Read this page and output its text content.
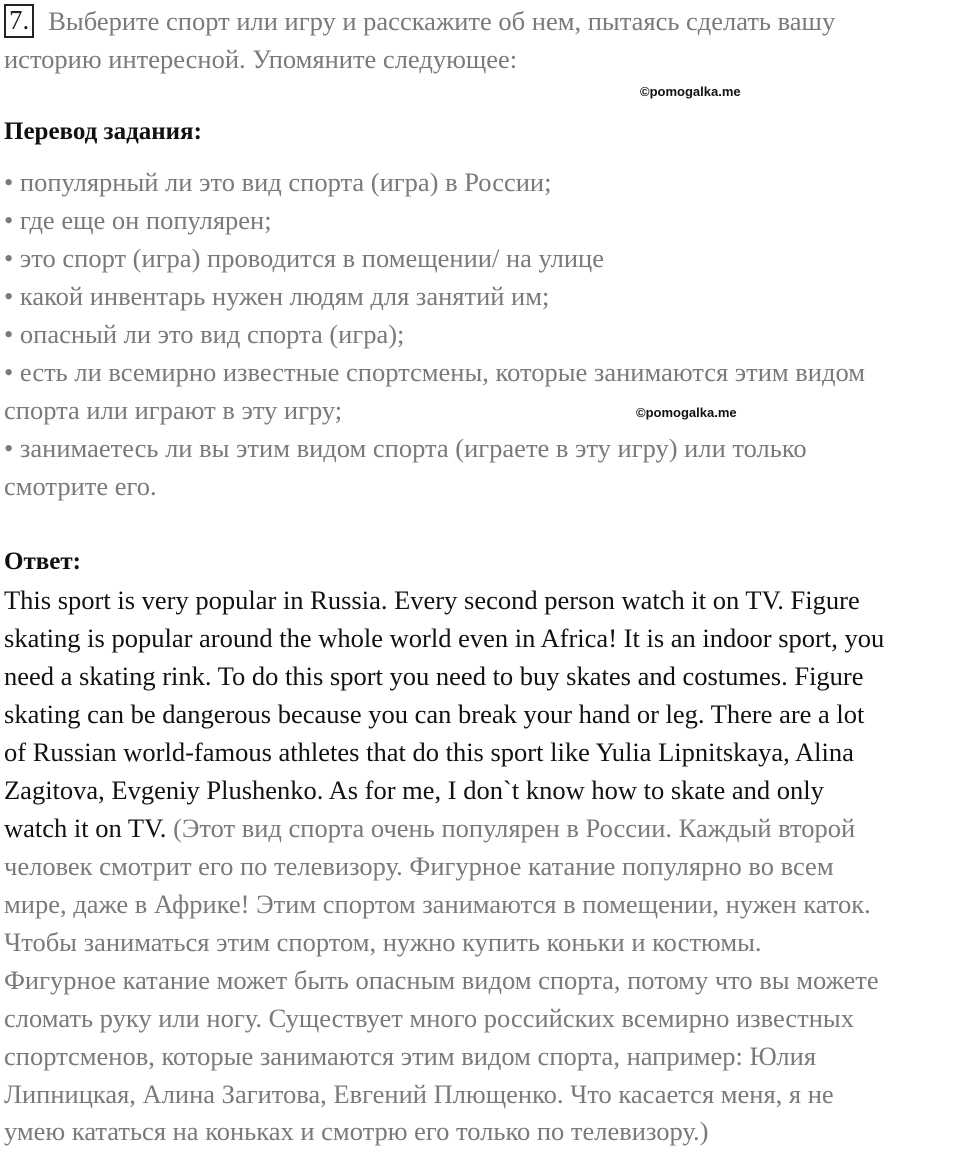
7. Выберите спорт или игру и расскажите об нем, пытаясь сделать вашу
историю интересной. Упомяните следующее:
©pomogalka.me
Перевод задания:
• популярный ли это вид спорта (игра) в России;
• где еще он популярен;
• это спорт (игра) проводится в помещении/ на улице
• какой инвентарь нужен людям для занятий им;
• опасный ли это вид спорта (игра);
• есть ли всемирно известные спортсмены, которые занимаются этим видом
спорта или играют в эту игру;
• занимаетесь ли вы этим видом спорта (играете в эту игру) или только
смотрите его.
©pomogalka.me
Ответ:
This sport is very popular in Russia. Every second person watch it on TV. Figure
skating is popular around the whole world even in Africa! It is an indoor sport, you
need a skating rink. To do this sport you need to buy skates and costumes. Figure
skating can be dangerous because you can break your hand or leg. There are a lot
of Russian world-famous athletes that do this sport like Yulia Lipnitskaya, Alina
Zagitova, Evgeniy Plushenko. As for me, I don`t know how to skate and only
watch it on TV. (Этот вид спорта очень популярен в России. Каждый второй
человек смотрит его по телевизору. Фигурное катание популярно во всем
мире, даже в Африке! Этим спортом занимаются в помещении, нужен каток.
Чтобы заниматься этим спортом, нужно купить коньки и костюмы.
Фигурное катание может быть опасным видом спорта, потому что вы можете
сломать руку или ногу. Существует много российских всемирно известных
спортсменов, которые занимаются этим видом спорта, например: Юлия
Липницкая, Алина Загитова, Евгений Плющенко. Что касается меня, я не
умею кататься на коньках и смотрю его только по телевизору.)
